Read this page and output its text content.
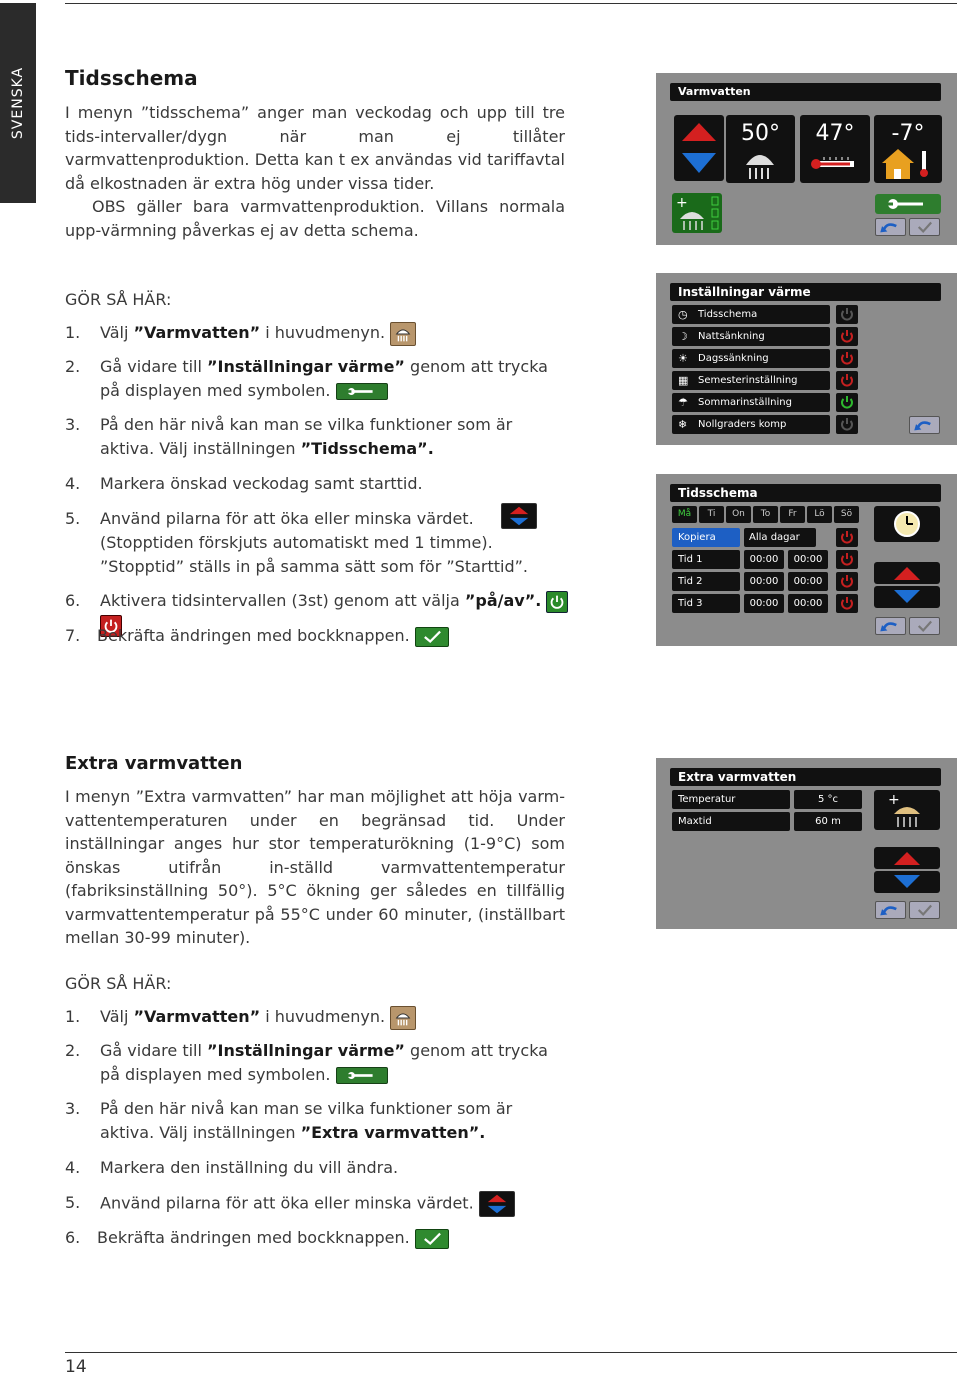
SVENSKA
14
Tidsschema

I menyn ”tidsschema” anger man veckodag och upp till tre tids-intervaller/dygn när man ej tillåter varmvattenproduktion. Detta kan t ex användas vid tariffavtal då elkostnaden är extra hög under vissa tider.

OBS gäller bara varmvattenproduktion. Villans normala upp-värmning påverkas ej av detta schema.

GÖR SÅ HÄR:
1. Välj ”Varmvatten” i huvudmenyn.
2. Gå vidare till ”Inställningar värme” genom att trycka på displayen med symbolen.
3. På den här nivå kan man se vilka funktioner som är aktiva. Välj inställningen ”Tidsschema”.
4. Markera önskad veckodag samt starttid.
5. Använd pilarna för att öka eller minska värdet. (Stopptiden förskjuts automatiskt med 1 timme). ”Stopptid” ställs in på samma sätt som för ”Starttid”.
6. Aktivera tidsintervallen (3st) genom att välja ”på/av”.

7. Bekräfta ändringen med bockknappen.
Varmvatten
50°	47°	-7°
+
Inställningar värme
◷ Tidsschema
☽ Nattsänkning
☀ Dagssänkning
▦ Semesterinställning
☂ Sommarinställning
❄ Nollgraders komp
Tidsschema
Må	Ti	On	To	Fr	Lö	Sö
Kopiera	Alla dagar
Tid 1	00:00	00:00
Tid 2	00:00	00:00
Tid 3	00:00	00:00
Extra varmvatten
I menyn ”Extra varmvatten” har man möjlighet att höja varm-vattentemperaturen under en begränsad tid. Under inställningar anges hur stor temperaturökning (1-9°C) som önskas utifrån in-ställd varmvattentemperatur (fabriksinställning 50°). 5°C ökning ger således en tillfällig varmvattentemperatur på 55°C under 60 minuter, (inställbart mellan 30-99 minuter).
GÖR SÅ HÄR:
1. Välj ”Varmvatten” i huvudmenyn.
2. Gå vidare till ”Inställningar värme” genom att trycka på displayen med symbolen.
3. På den här nivå kan man se vilka funktioner som är aktiva. Välj inställningen ”Extra varmvatten”.
4. Markera den inställning du vill ändra.
5. Använd pilarna för att öka eller minska värdet.
6. Bekräfta ändringen med bockknappen.
Extra varmvatten
Temperatur	5 °c
Maxtid	60 m
+
